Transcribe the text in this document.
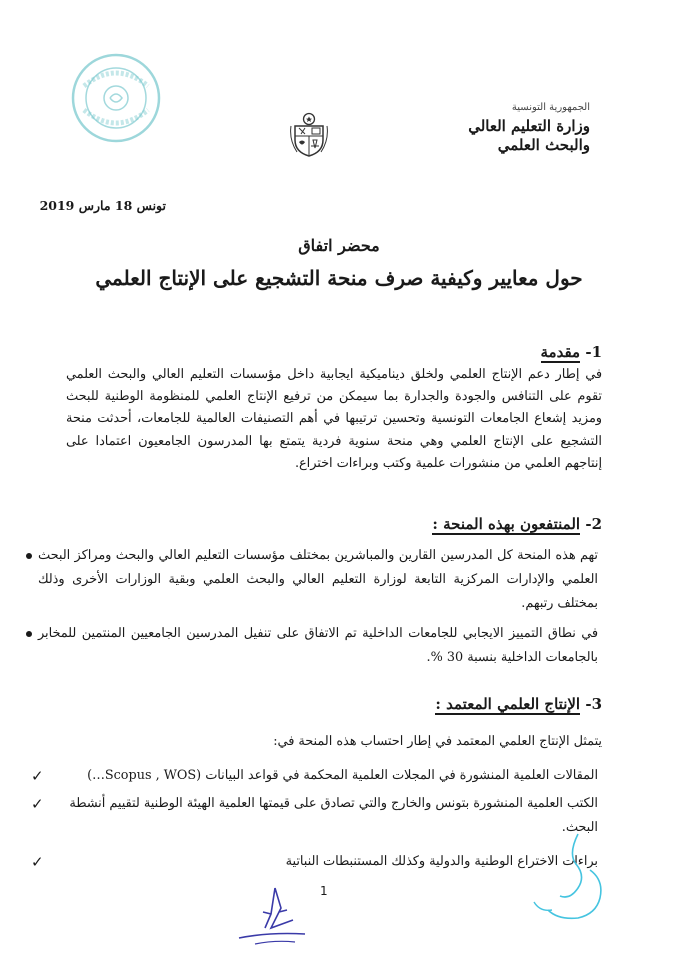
الجمهورية التونسية
وزارة التعليم العالي
والبحث العلمي
تونس 18 مارس 2019
محضر اتفاق
حول معايير وكيفية صرف منحة التشجيع على الإنتاج العلمي
1- مقدمة
في إطار دعم الإنتاج العلمي ولخلق ديناميكية ايجابية داخل مؤسسات التعليم العالي والبحث العلمي تقوم على التنافس والجودة والجدارة بما سيمكن من ترفيع الإنتاج العلمي للمنظومة الوطنية للبحث ومزيد إشعاع الجامعات التونسية وتحسين ترتيبها في أهم التصنيفات العالمية للجامعات، أحدثت منحة التشجيع على الإنتاج العلمي وهي منحة سنوية فردية يتمتع بها المدرسون الجامعيون اعتمادا على إنتاجهم العلمي من منشورات علمية وكتب وبراءات اختراع.
2- المنتفعون بهذه المنحة :
تهم هذه المنحة كل المدرسين القارين والمباشرين بمختلف مؤسسات التعليم العالي والبحث ومراكز البحث العلمي والإدارات المركزية التابعة لوزارة التعليم العالي والبحث العلمي وبقية الوزارات الأخرى وذلك بمختلف رتبهم.
في نطاق التمييز الايجابي للجامعات الداخلية تم الاتفاق على تنفيل المدرسين الجامعيين المنتمين للمخابر بالجامعات الداخلية بنسبة 30 %.
3- الإنتاج العلمي المعتمد :
يتمثل الإنتاج العلمي المعتمد في إطار احتساب هذه المنحة في:
✓	المقالات العلمية المنشورة في المجلات العلمية المحكمة في قواعد البيانات (Scopus , WOS…)
✓ الكتب العلمية المنشورة بتونس والخارج والتي تصادق على قيمتها العلمية الهيئة الوطنية لتقييم أنشطة البحث.
✓	براءات الاختراع الوطنية والدولية وكذلك المستنبطات النباتية
1
